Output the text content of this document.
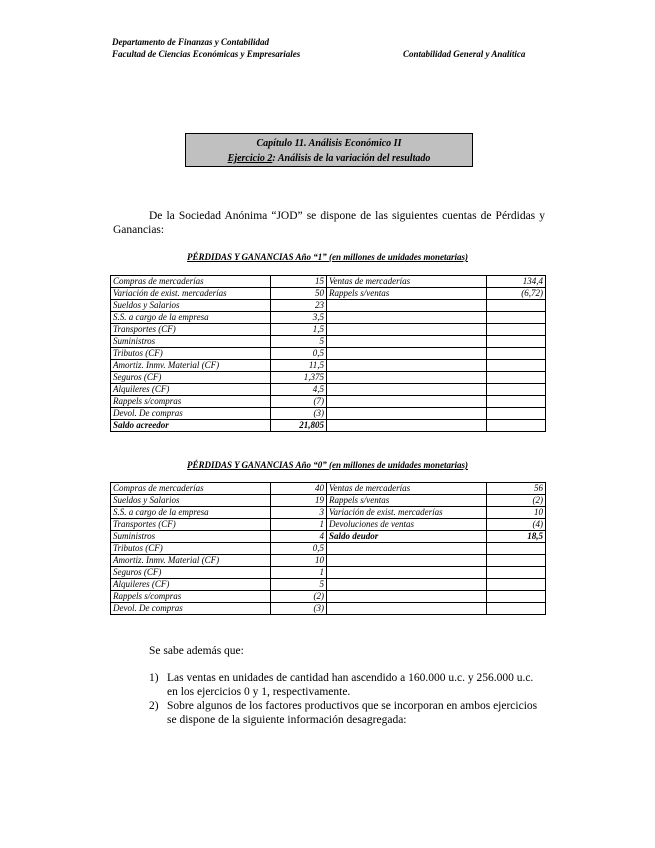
Departamento de Finanzas y Contabilidad
Facultad de Ciencias Económicas y Empresariales	Contabilidad General y Analítica
Capítulo 11. Análisis Económico II
Ejercicio 2: Análisis de la variación del resultado
De la Sociedad Anónima “JOD” se dispone de las siguientes cuentas de Pérdidas y Ganancias:
PÉRDIDAS Y GANANCIAS Año “1” (en millones de unidades monetarias)
Compras de mercaderías	15	Ventas de mercaderías	134,4
Variación de exist. mercaderías	50	Rappels s/ventas	(6,72)
Sueldos y Salarios	23		
S.S. a cargo de la empresa	3,5		
Transportes (CF)	1,5		
Suministros	5		
Tributos (CF)	0,5		
Amortiz. Inmv. Material (CF)	11,5		
Seguros (CF)	1,375		
Alquileres (CF)	4,5		
Rappels s/compras	(7)		
Devol. De compras	(3)		
Saldo acreedor	21,805		
PÉRDIDAS Y GANANCIAS Año “0” (en millones de unidades monetarias)
Compras de mercaderías	40	Ventas de mercaderías	56
Sueldos y Salarios	19	Rappels s/ventas	(2)
S.S. a cargo de la empresa	3	Variación de exist. mercaderías	10
Transportes (CF)	1	Devoluciones de ventas	(4)
Suministros	4	Saldo deudor	18,5
Tributos (CF)	0,5		
Amortiz. Inmv. Material (CF)	10		
Seguros (CF)	1		
Alquileres (CF)	5		
Rappels s/compras	(2)		
Devol. De compras	(3)		
Se sabe además que:
1) Las ventas en unidades de cantidad han ascendido a 160.000 u.c. y 256.000 u.c. en los ejercicios 0 y 1, respectivamente.
2) Sobre algunos de los factores productivos que se incorporan en ambos ejercicios se dispone de la siguiente información desagregada:
